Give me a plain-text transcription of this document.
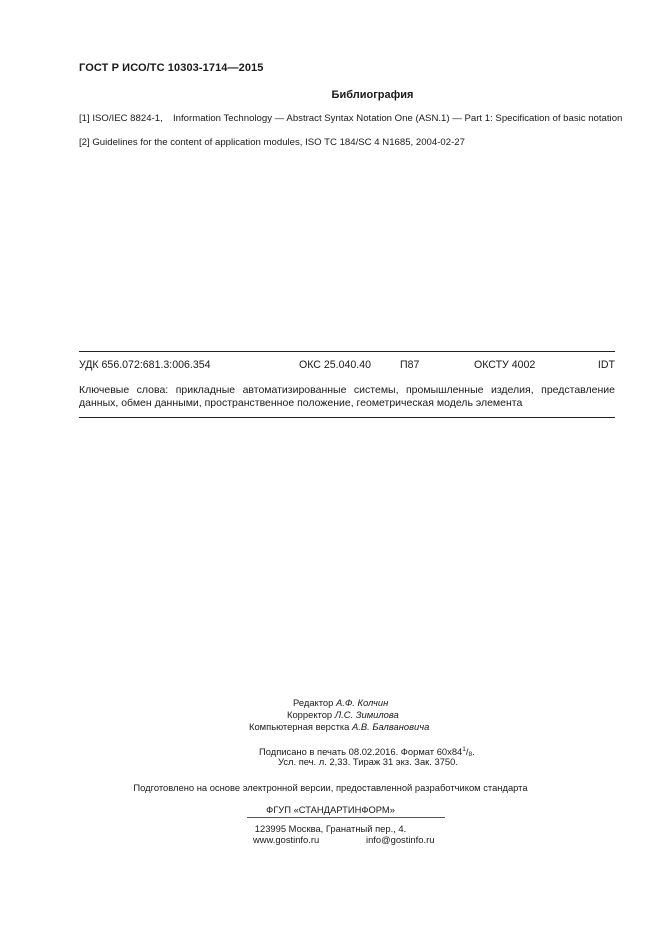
ГОСТ Р ИСО/ТС 10303-1714—2015
Библиография
[1] ISO/IEC 8824-1, Information Technology — Abstract Syntax Notation One (ASN.1) — Part 1: Specification of basic notation
[2] Guidelines for the content of application modules, ISO TC 184/SC 4 N1685, 2004-02-27
УДК 656.072:681.3:006.354	ОКС 25.040.40	П87	ОКСТУ 4002	IDT
Ключевые слова: прикладные автоматизированные системы, промышленные изделия, представление данных, обмен данными, пространственное положение, геометрическая модель элемента
Редактор А.Ф. Колчин
Корректор Л.С. Зимилова
Компьютерная верстка А.В. Балвановича
Подписано в печать 08.02.2016. Формат $60х84^1/_8$.
Усл. печ. л. 2,33. Тираж 31 экз. Зак. 3750.
Подготовлено на основе электронной версии, предоставленной разработчиком стандарта
ФГУП «СТАНДАРТИНФОРМ»
123995 Москва, Гранатный пер., 4.
www.gostinfo.ru	info@gostinfo.ru
